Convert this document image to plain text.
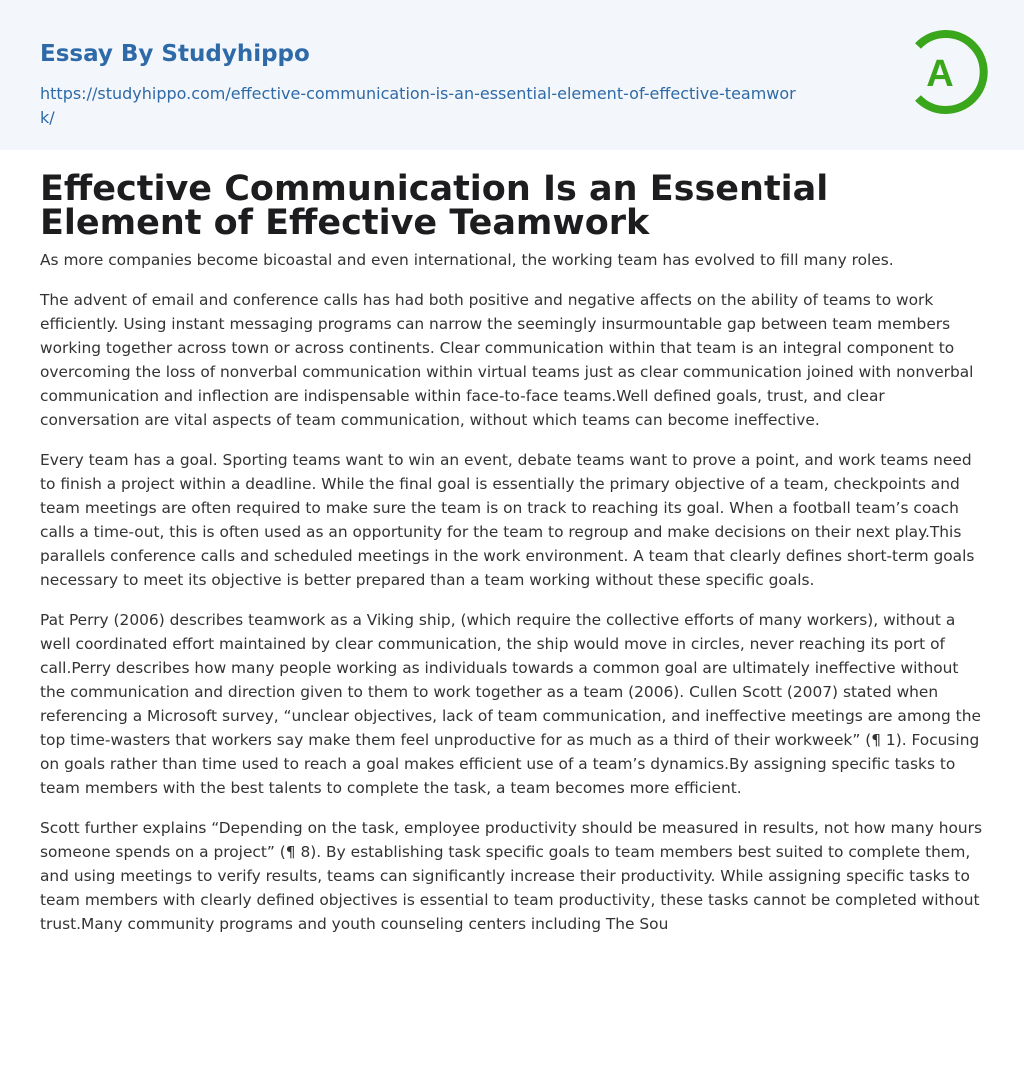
Essay By Studyhippo
https://studyhippo.com/effective-communication-is-an-essential-element-of-effective-teamwork/
A
Effective Communication Is an Essential Element of Effective Teamwork

As more companies become bicoastal and even international, the working team has evolved to fill many roles.

The advent of email and conference calls has had both positive and negative affects on the ability of teams to work efficiently. Using instant messaging programs can narrow the seemingly insurmountable gap between team members working together across town or across continents. Clear communication within that team is an integral component to overcoming the loss of nonverbal communication within virtual teams just as clear communication joined with nonverbal communication and inflection are indispensable within face-to-face teams.Well defined goals, trust, and clear conversation are vital aspects of team communication, without which teams can become ineffective.

Every team has a goal. Sporting teams want to win an event, debate teams want to prove a point, and work teams need to finish a project within a deadline. While the final goal is essentially the primary objective of a team, checkpoints and team meetings are often required to make sure the team is on track to reaching its goal. When a football team’s coach calls a time-out, this is often used as an opportunity for the team to regroup and make decisions on their next play.This parallels conference calls and scheduled meetings in the work environment. A team that clearly defines short-term goals necessary to meet its objective is better prepared than a team working without these specific goals.

Pat Perry (2006) describes teamwork as a Viking ship, (which require the collective efforts of many workers), without a well coordinated effort maintained by clear communication, the ship would move in circles, never reaching its port of call.Perry describes how many people working as individuals towards a common goal are ultimately ineffective without the communication and direction given to them to work together as a team (2006). Cullen Scott (2007) stated when referencing a Microsoft survey, “unclear objectives, lack of team communication, and ineffective meetings are among the top time-wasters that workers say make them feel unproductive for as much as a third of their workweek” (¶ 1). Focusing on goals rather than time used to reach a goal makes efficient use of a team’s dynamics.By assigning specific tasks to team members with the best talents to complete the task, a team becomes more efficient.

Scott further explains “Depending on the task, employee productivity should be measured in results, not how many hours someone spends on a project” (¶ 8). By establishing task specific goals to team members best suited to complete them, and using meetings to verify results, teams can significantly increase their productivity. While assigning specific tasks to team members with clearly defined objectives is essential to team productivity, these tasks cannot be completed without trust.Many community programs and youth counseling centers including The Sou
